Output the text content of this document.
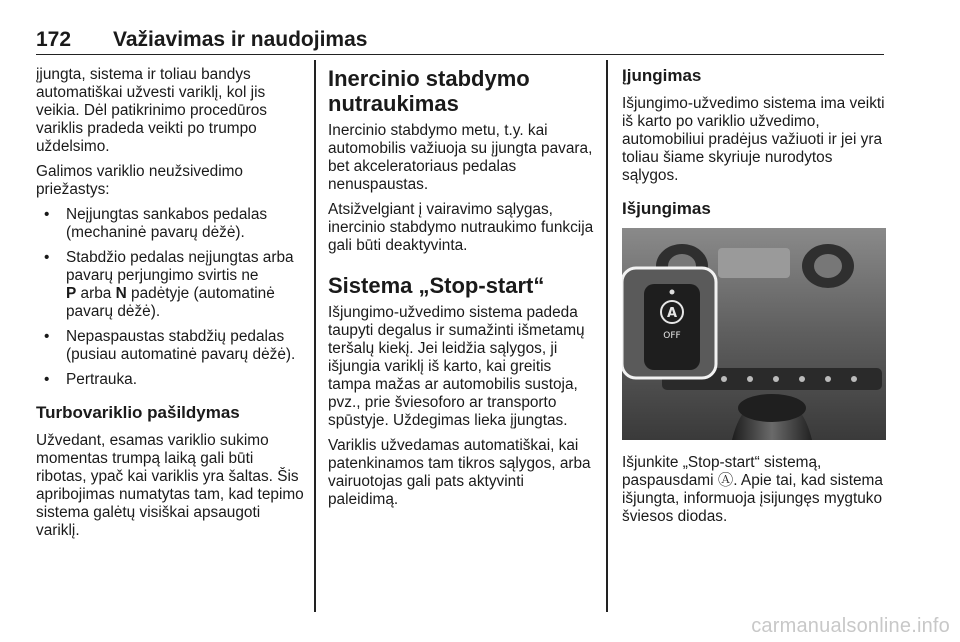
172 Važiavimas ir naudojimas

įjungta, sistema ir toliau bandys automatiškai užvesti variklį, kol jis veikia. Dėl patikrinimo procedūros variklis pradeda veikti po trumpo uždelsimo.

Galimos variklio neužsivedimo priežastys:

• Neįjungtas sankabos pedalas (mechaninė pavarų dėžė).
• Stabdžio pedalas neįjungtas arba pavarų perjungimo svirtis ne
P arba N padėtyje (automatinė pavarų dėžė).
• Nepaspaustas stabdžių pedalas (pusiau automatinė pavarų dėžė).
• Pertrauka.
Turbovariklio pašildymas

Užvedant, esamas variklio sukimo momentas trumpą laiką gali būti ribotas, ypač kai variklis yra šaltas. Šis apribojimas numatytas tam, kad tepimo sistema galėtų visiškai apsaugoti variklį.

Inercinio stabdymo nutraukimas

Inercinio stabdymo metu, t.y. kai automobilis važiuoja su įjungta pavara, bet akceleratoriaus pedalas nenuspaustas.

Atsižvelgiant į vairavimo sąlygas, inercinio stabdymo nutraukimo funkcija gali būti deaktyvinta.

Sistema „Stop-start“

Išjungimo-užvedimo sistema padeda taupyti degalus ir sumažinti išmetamų teršalų kiekį. Jei leidžia sąlygos, ji išjungia variklį iš karto, kai greitis tampa mažas ar automobilis sustoja, pvz., prie šviesoforo ar transporto spūstyje. Uždegimas lieka įjungtas.

Variklis užvedamas automatiškai, kai patenkinamos tam tikros sąlygos, arba vairuotojas gali pats aktyvinti paleidimą.

Įjungimas

Išjungimo-užvedimo sistema ima veikti iš karto po variklio užvedimo, automobiliui pradėjus važiuoti ir jei yra toliau šiame skyriuje nurodytos sąlygos.

Išjungimas
A
OFF

Išjunkite „Stop-start“ sistemą, paspausdami Ⓐ. Apie tai, kad sistema išjungta, informuoja įsijungęs mygtuko šviesos diodas.

carmanualsonline.info
